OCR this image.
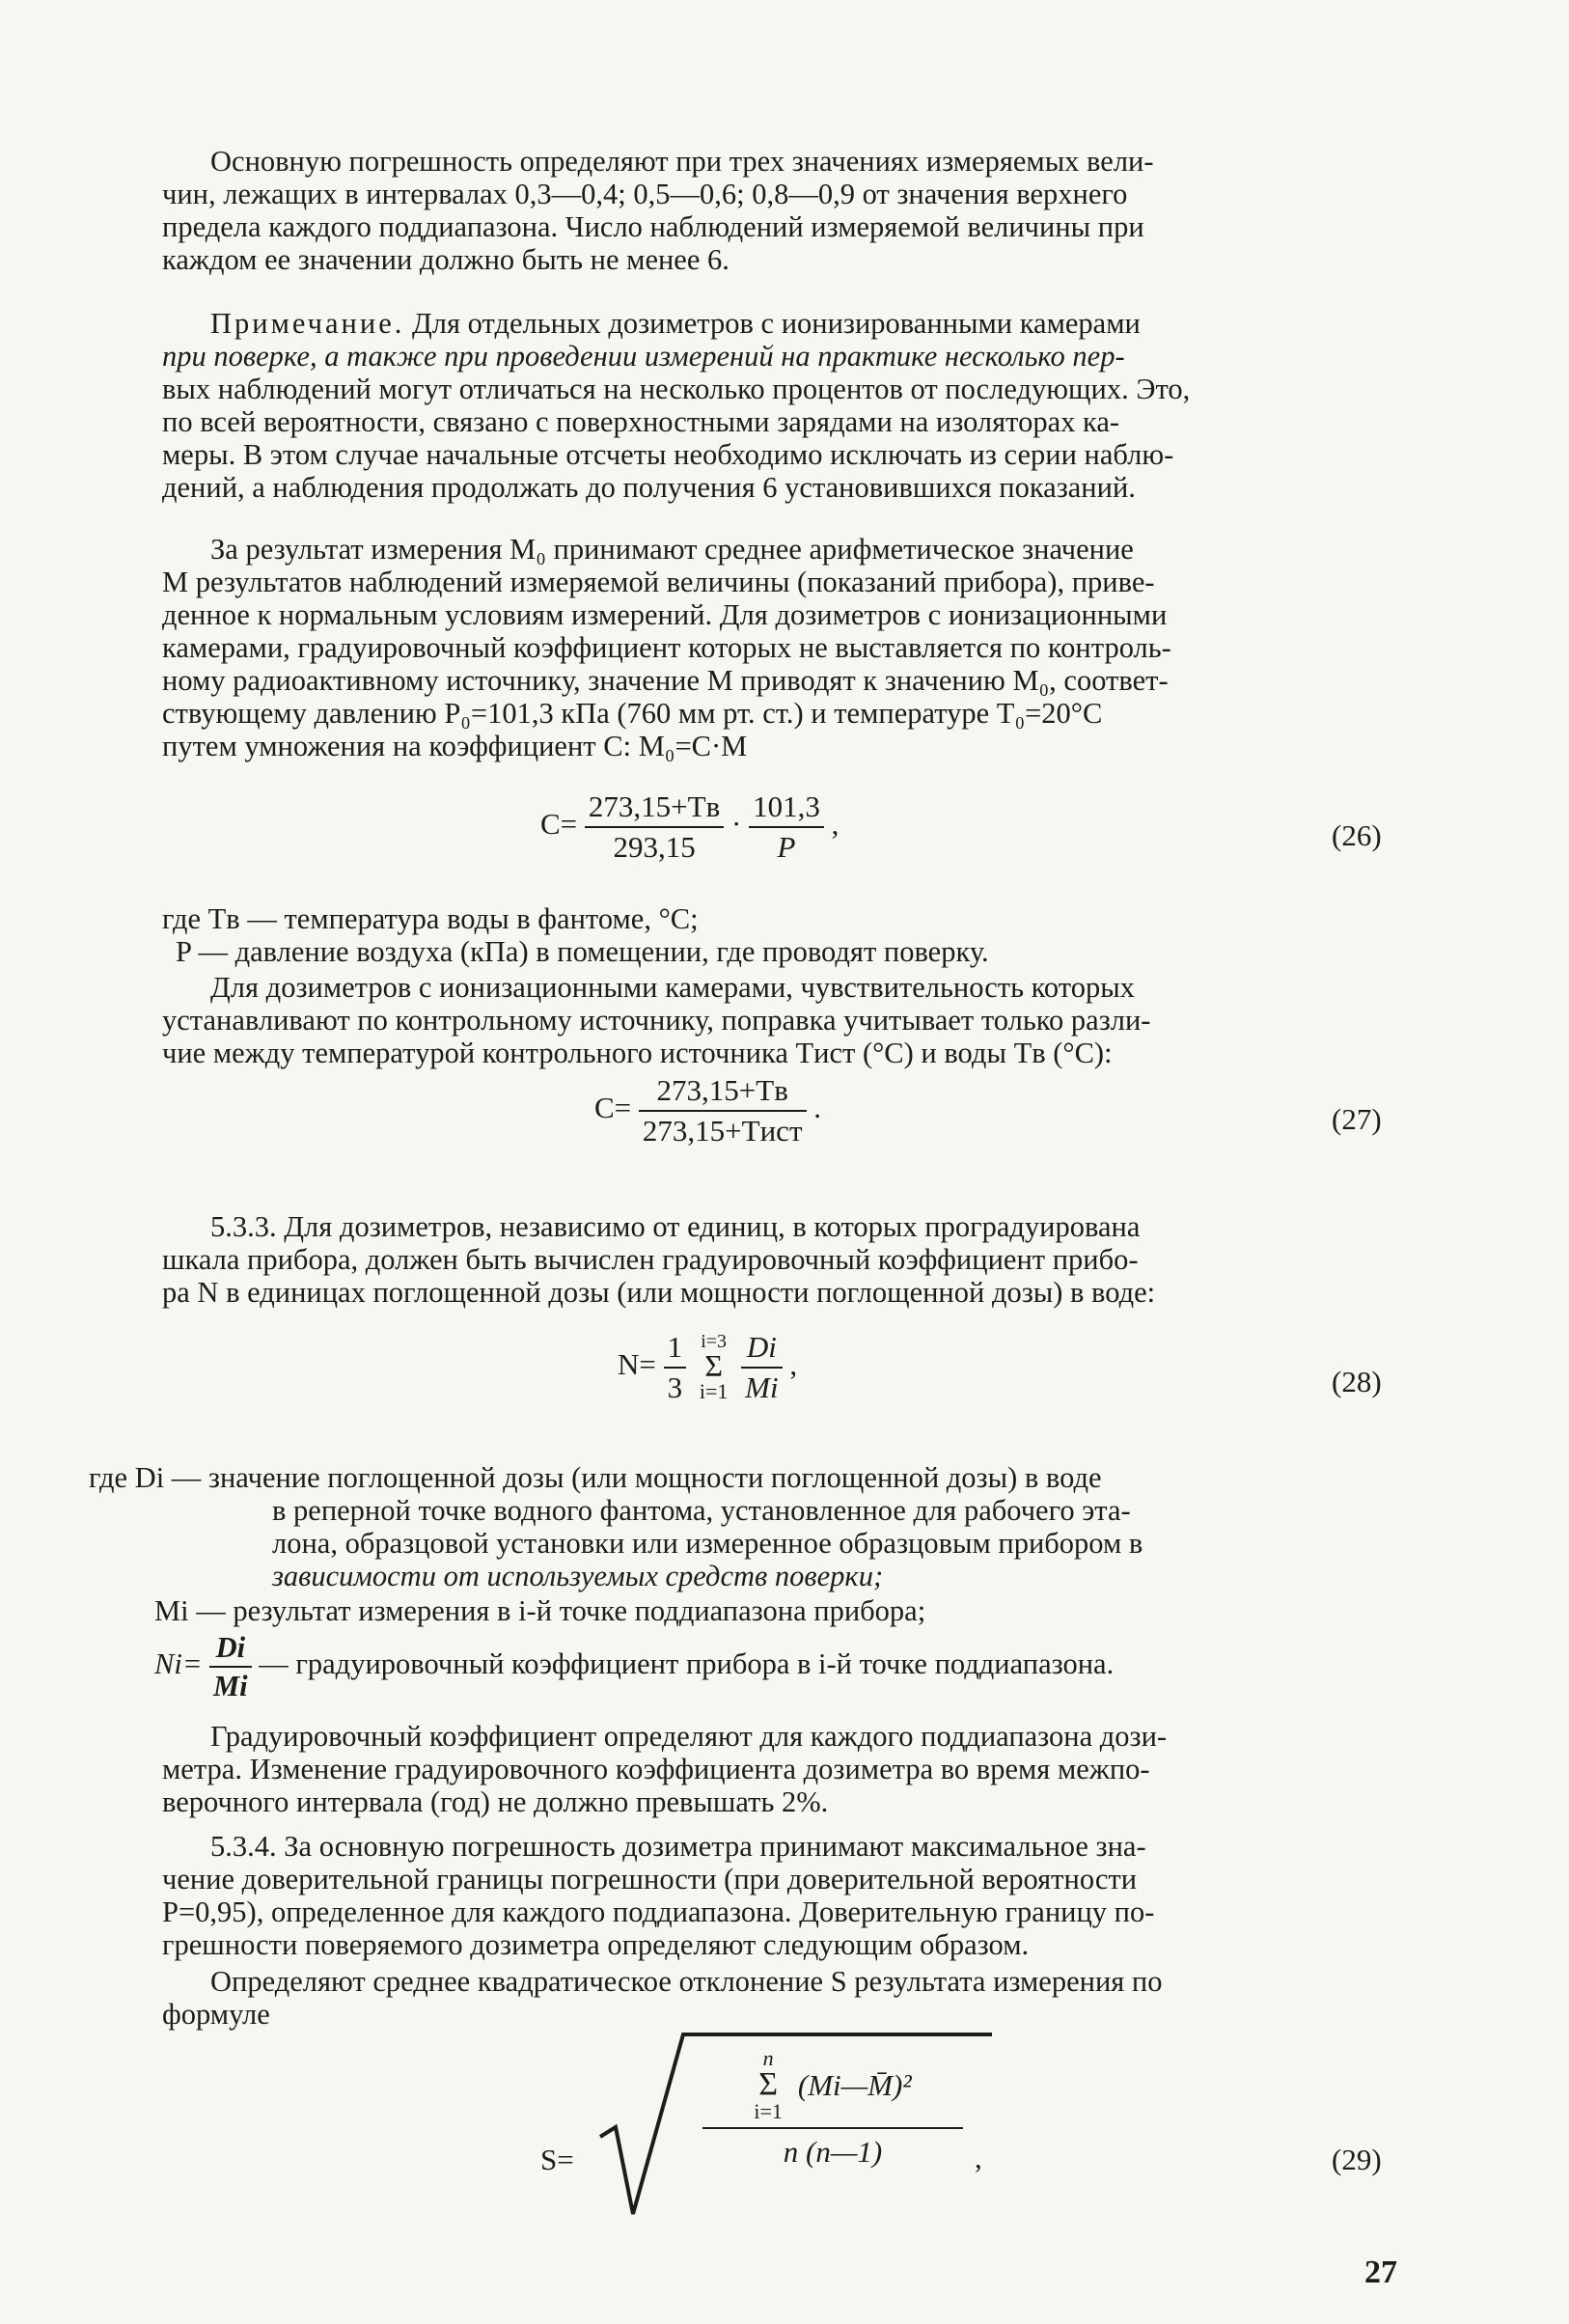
Основную погрешность определяют при трех значениях измеряемых вели-

чин, лежащих в интервалах 0,3—0,4; 0,5—0,6; 0,8—0,9 от значения верхнего

предела каждого поддиапазона. Число наблюдений измеряемой величины при

каждом ее значении должно быть не менее 6.

Примечание. Для отдельных дозиметров с ионизированными камерами

при поверке, а также при проведении измерений на практике несколько пер-

вых наблюдений могут отличаться на несколько процентов от последующих. Это,

по всей вероятности, связано с поверхностными зарядами на изоляторах ка-

меры. В этом случае начальные отсчеты необходимо исключать из серии наблю-

дений, а наблюдения продолжать до получения 6 установившихся показаний.

За результат измерения M₀ принимают среднее арифметическое значение

M результатов наблюдений измеряемой величины (показаний прибора), приве-

денное к нормальным условиям измерений. Для дозиметров с ионизационными

камерами, градуировочный коэффициент которых не выставляется по контроль-

ному радиоактивному источнику, значение M приводят к значению M₀, соответ-

ствующему давлению P₀=101,3 кПа (760 мм рт. ст.) и температуре T₀=20°C

путем умножения на коэффициент C: M₀=C·M

$C= \frac{273,15+Tв}{293,15} \cdot \frac{101,3}{P}$ ,	(26)
где Tв — температура воды в фантоме, °C;
P — давление воздуха (кПа) в помещении, где проводят поверку.

Для дозиметров с ионизационными камерами, чувствительность которых

устанавливают по контрольному источнику, поправка учитывает только разли-

чие между температурой контрольного источника Tист (°C) и воды Tв (°C):

$C= \frac{273,15+Tв}{\text{273,15+Tист}}$ .	(27)

5.3.3. Для дозиметров, независимо от единиц, в которых проградуирована

шкала прибора, должен быть вычислен градуировочный коэффициент прибо-

ра N в единицах поглощенной дозы (или мощности поглощенной дозы) в воде:

$N= \frac{1}{3}$
i=3
Σ
i=1
$\frac{Di}{Mi}$ ,
(28)
где Di — значение поглощенной дозы (или мощности поглощенной дозы) в воде
в реперной точке водного фантома, установленное для рабочего эта-
лона, образцовой установки или измеренное образцовым прибором в
зависимости от используемых средств поверки;
Mi — результат измерения в i-й точке поддиапазона прибора;
$Ni= \frac{Di}{Mi}$ — градуировочный коэффициент прибора в i-й точке поддиапазона.

Градуировочный коэффициент определяют для каждого поддиапазона дози-

метра. Изменение градуировочного коэффициента дозиметра во время межпо-

верочного интервала (год) не должно превышать 2%.

5.3.4. За основную погрешность дозиметра принимают максимальное зна-

чение доверительной границы погрешности (при доверительной вероятности

P=0,95), определенное для каждого поддиапазона. Доверительную границу по-

грешности поверяемого дозиметра определяют следующим образом.

Определяют среднее квадратическое отклонение S результата измерения по

формуле

S=	n
Σ
i=1
(Mi—M̄)²
n (n—1) ,	(29)
27
